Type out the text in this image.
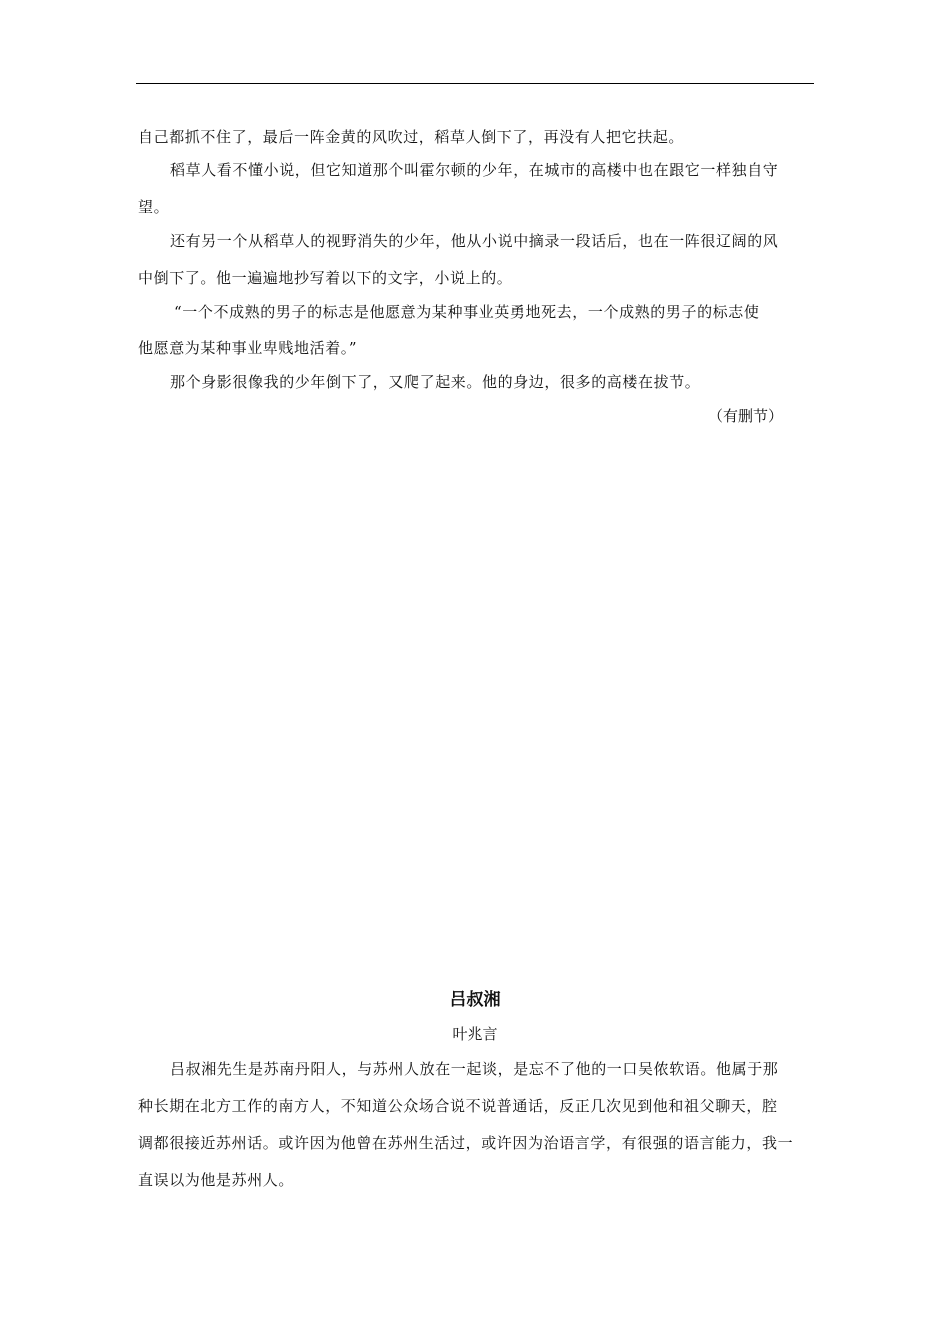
自己都抓不住了，最后一阵金黄的风吹过，稻草人倒下了，再没有人把它扶起。
稻草人看不懂小说，但它知道那个叫霍尔顿的少年，在城市的高楼中也在跟它一样独自守
望。
还有另一个从稻草人的视野消失的少年，他从小说中摘录一段话后，也在一阵很辽阔的风
中倒下了。他一遍遍地抄写着以下的文字，小说上的。
“一个不成熟的男子的标志是他愿意为某种事业英勇地死去，一个成熟的男子的标志使
他愿意为某种事业卑贱地活着。”
那个身影很像我的少年倒下了，又爬了起来。他的身边，很多的高楼在拔节。
（有删节）
吕叔湘
叶兆言
吕叔湘先生是苏南丹阳人，与苏州人放在一起谈，是忘不了他的一口吴侬软语。他属于那
种长期在北方工作的南方人，不知道公众场合说不说普通话，反正几次见到他和祖父聊天，腔
调都很接近苏州话。或许因为他曾在苏州生活过，或许因为治语言学，有很强的语言能力，我一
直误以为他是苏州人。
